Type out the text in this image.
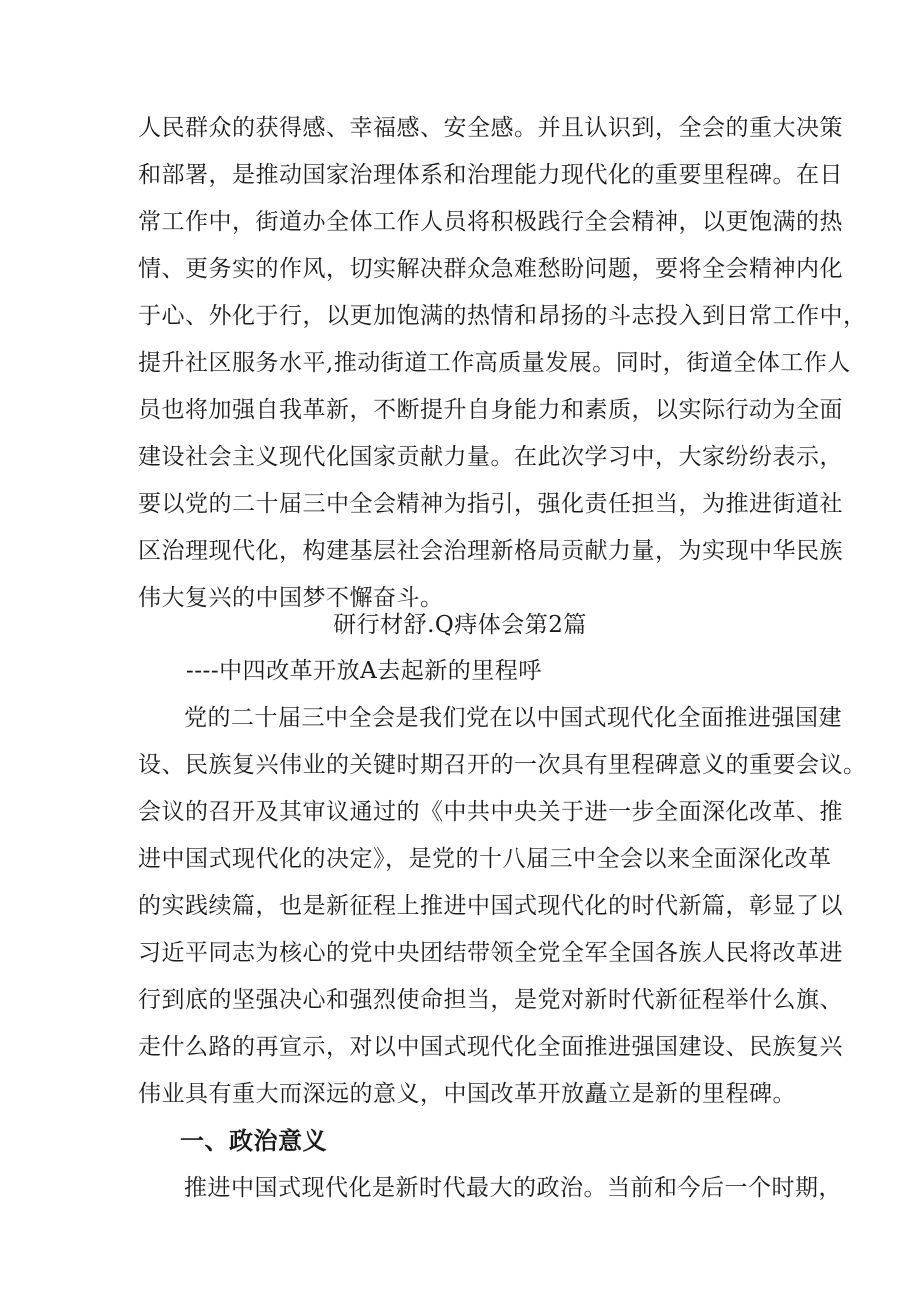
人民群众的获得感、幸福感、安全感。并且认识到，全会的重大决策
和部署，是推动国家治理体系和治理能力现代化的重要里程碑。在日
常工作中，街道办全体工作人员将积极践行全会精神，以更饱满的热
情、更务实的作风，切实解决群众急难愁盼问题，要将全会精神内化
于心、外化于行，以更加饱满的热情和昂扬的斗志投入到日常工作中，
提升社区服务水平,推动街道工作高质量发展。同时，街道全体工作人
员也将加强自我革新，不断提升自身能力和素质，以实际行动为全面
建设社会主义现代化国家贡献力量。在此次学习中，大家纷纷表示，
要以党的二十届三中全会精神为指引，强化责任担当，为推进街道社
区治理现代化，构建基层社会治理新格局贡献力量，为实现中华民族
伟大复兴的中国梦不懈奋斗。
研行材舒.Q痔体会第2篇
----中四改革开放A去起新的里程呼
党的二十届三中全会是我们党在以中国式现代化全面推进强国建
设、民族复兴伟业的关键时期召开的一次具有里程碑意义的重要会议。
会议的召开及其审议通过的《中共中央关于进一步全面深化改革、推
进中国式现代化的决定》，是党的十八届三中全会以来全面深化改革
的实践续篇，也是新征程上推进中国式现代化的时代新篇，彰显了以
习近平同志为核心的党中央团结带领全党全军全国各族人民将改革进
行到底的坚强决心和强烈使命担当，是党对新时代新征程举什么旗、
走什么路的再宣示，对以中国式现代化全面推进强国建设、民族复兴
伟业具有重大而深远的意义，中国改革开放矗立是新的里程碑。
一、政治意义
推进中国式现代化是新时代最大的政治。当前和今后一个时期，
